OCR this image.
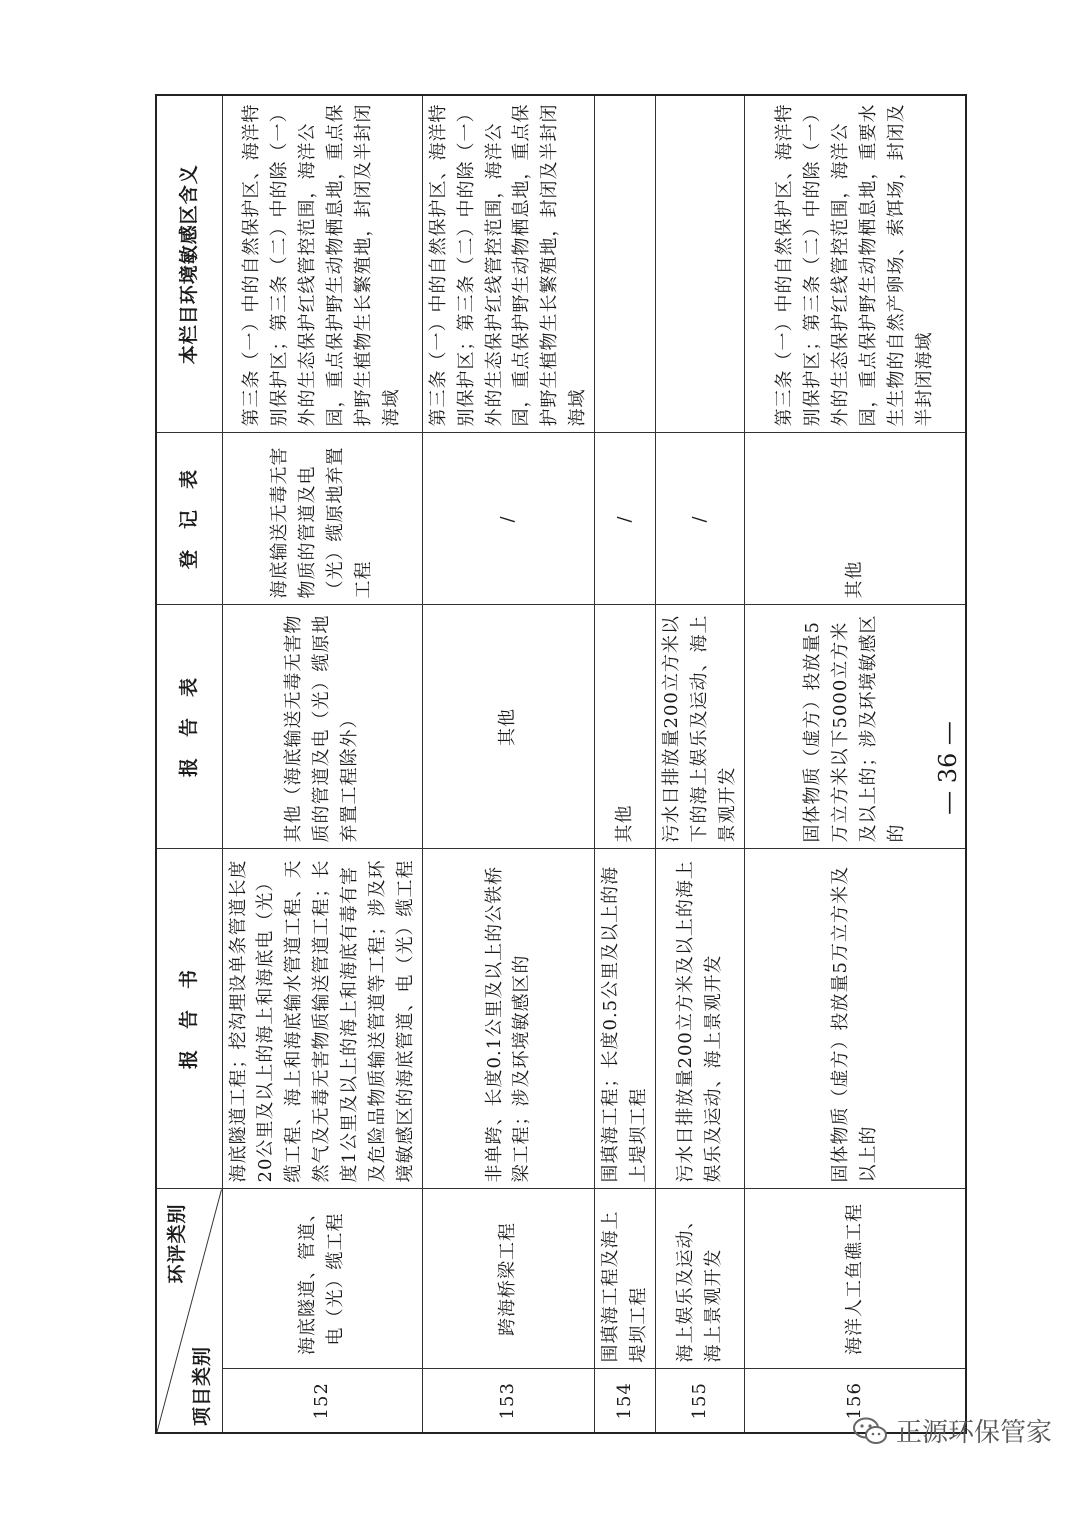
环评类别
项目类别		报　告　书	报　告　表	登　记　表	本栏目环境敏感区含义
152	海底隧道、管道、电（光）缆工程	海底隧道工程；挖沟埋设单条管道长度20公里及以上的海上和海底电（光）缆工程、海上和海底输水管道工程、天然气及无毒无害物质输送管道工程；长度1公里及以上的海上和海底有毒有害及危险品物质输送管道等工程；涉及环境敏感区的海底管道、电（光）缆工程	其他（海底输送无毒无害物质的管道及电（光）缆原地弃置工程除外）	海底输送无毒无害物质的管道及电（光）缆原地弃置工程	第三条（一）中的自然保护区、海洋特别保护区；第三条（二）中的除（一）外的生态保护红线管控范围，海洋公园，重点保护野生动物栖息地，重点保护野生植物生长繁殖地，封闭及半封闭海域
153	跨海桥梁工程	非单跨、长度0.1公里及以上的公铁桥梁工程；涉及环境敏感区的	其他	/	第三条（一）中的自然保护区、海洋特别保护区；第三条（二）中的除（一）外的生态保护红线管控范围，海洋公园，重点保护野生动物栖息地，重点保护野生植物生长繁殖地，封闭及半封闭海域
154	围填海工程及海上堤坝工程	围填海工程；长度0.5公里及以上的海上堤坝工程	其他	/	
155	海上娱乐及运动、海上景观开发	污水日排放量200立方米及以上的海上娱乐及运动、海上景观开发	污水日排放量200立方米以下的海上娱乐及运动、海上景观开发	/	
156	海洋人工鱼礁工程	固体物质（虚方）投放量5万立方米及以上的	固体物质（虚方）投放量5万立方米以下5000立方米及以上的；涉及环境敏感区的	其他	第三条（一）中的自然保护区、海洋特别保护区；第三条（二）中的除（一）外的生态保护红线管控范围，海洋公园，重点保护野生动物栖息地，重要水生生物的自然产卵场、索饵场，封闭及半封闭海域
— 36 —
正源环保管家
